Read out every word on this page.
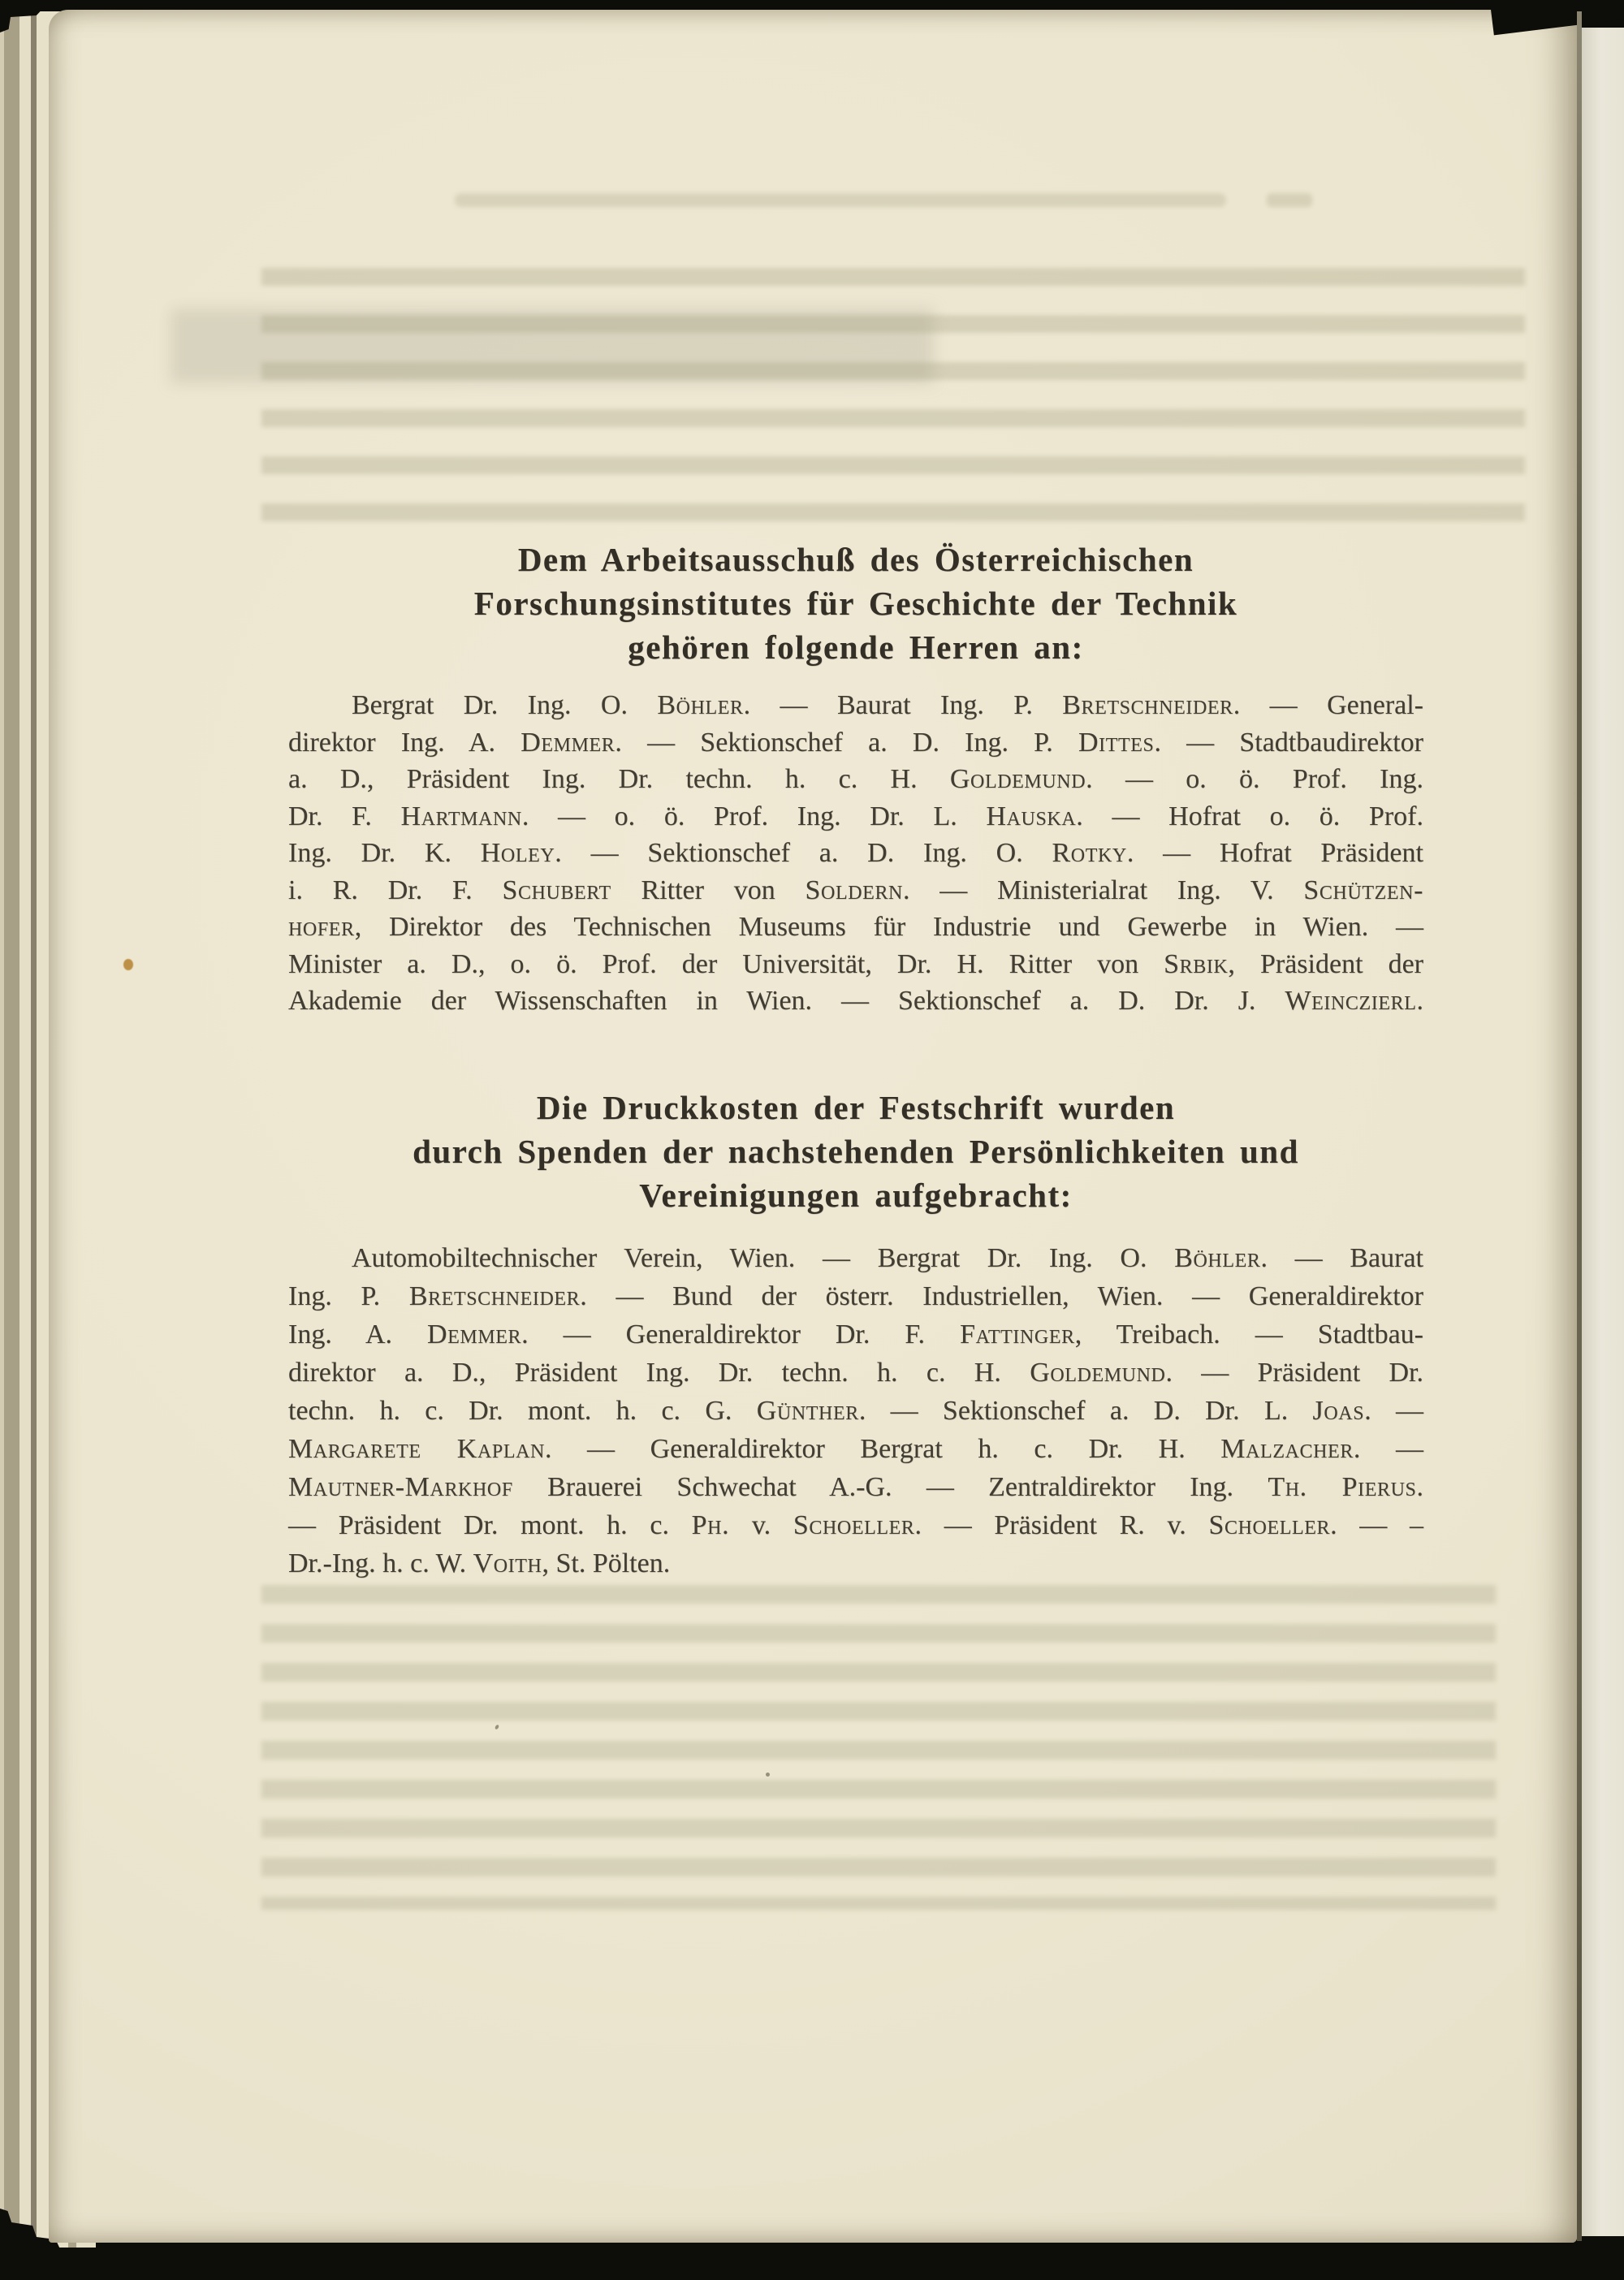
Dem Arbeitsausschuß des Österreichischen
Forschungsinstitutes für Geschichte der Technik
gehören folgende Herren an:
Bergrat Dr. Ing. O. Böhler. — Baurat Ing. P. Bretschneider. — General-
direktor Ing. A. Demmer. — Sektionschef a. D. Ing. P. Dittes. — Stadtbaudirektor
a. D., Präsident Ing. Dr. techn. h. c. H. Goldemund. — o. ö. Prof. Ing.
Dr. F. Hartmann. — o. ö. Prof. Ing. Dr. L. Hauska. — Hofrat o. ö. Prof.
Ing. Dr. K. Holey. — Sektionschef a. D. Ing. O. Rotky. — Hofrat Präsident
i. R. Dr. F. Schubert Ritter von Soldern. — Ministerialrat Ing. V. Schützen-
hofer, Direktor des Technischen Museums für Industrie und Gewerbe in Wien. —
Minister a. D., o. ö. Prof. der Universität, Dr. H. Ritter von Srbik, Präsident der
Akademie der Wissenschaften in Wien. — Sektionschef a. D. Dr. J. Weinczierl.
Die Druckkosten der Festschrift wurden
durch Spenden der nachstehenden Persönlichkeiten und
Vereinigungen aufgebracht:
Automobiltechnischer Verein, Wien. — Bergrat Dr. Ing. O. Böhler. — Baurat
Ing. P. Bretschneider. — Bund der österr. Industriellen, Wien. — Generaldirektor
Ing. A. Demmer. — Generaldirektor Dr. F. Fattinger, Treibach. — Stadtbau-
direktor a. D., Präsident Ing. Dr. techn. h. c. H. Goldemund. — Präsident Dr.
techn. h. c. Dr. mont. h. c. G. Günther. — Sektionschef a. D. Dr. L. Joas. —
Margarete Kaplan. — Generaldirektor Bergrat h. c. Dr. H. Malzacher. —
Mautner-Markhof Brauerei Schwechat A.-G. — Zentraldirektor Ing. Th. Pierus.
— Präsident Dr. mont. h. c. Ph. v. Schoeller. — Präsident R. v. Schoeller. — –
Dr.-Ing. h. c. W. Voith, St. Pölten.
